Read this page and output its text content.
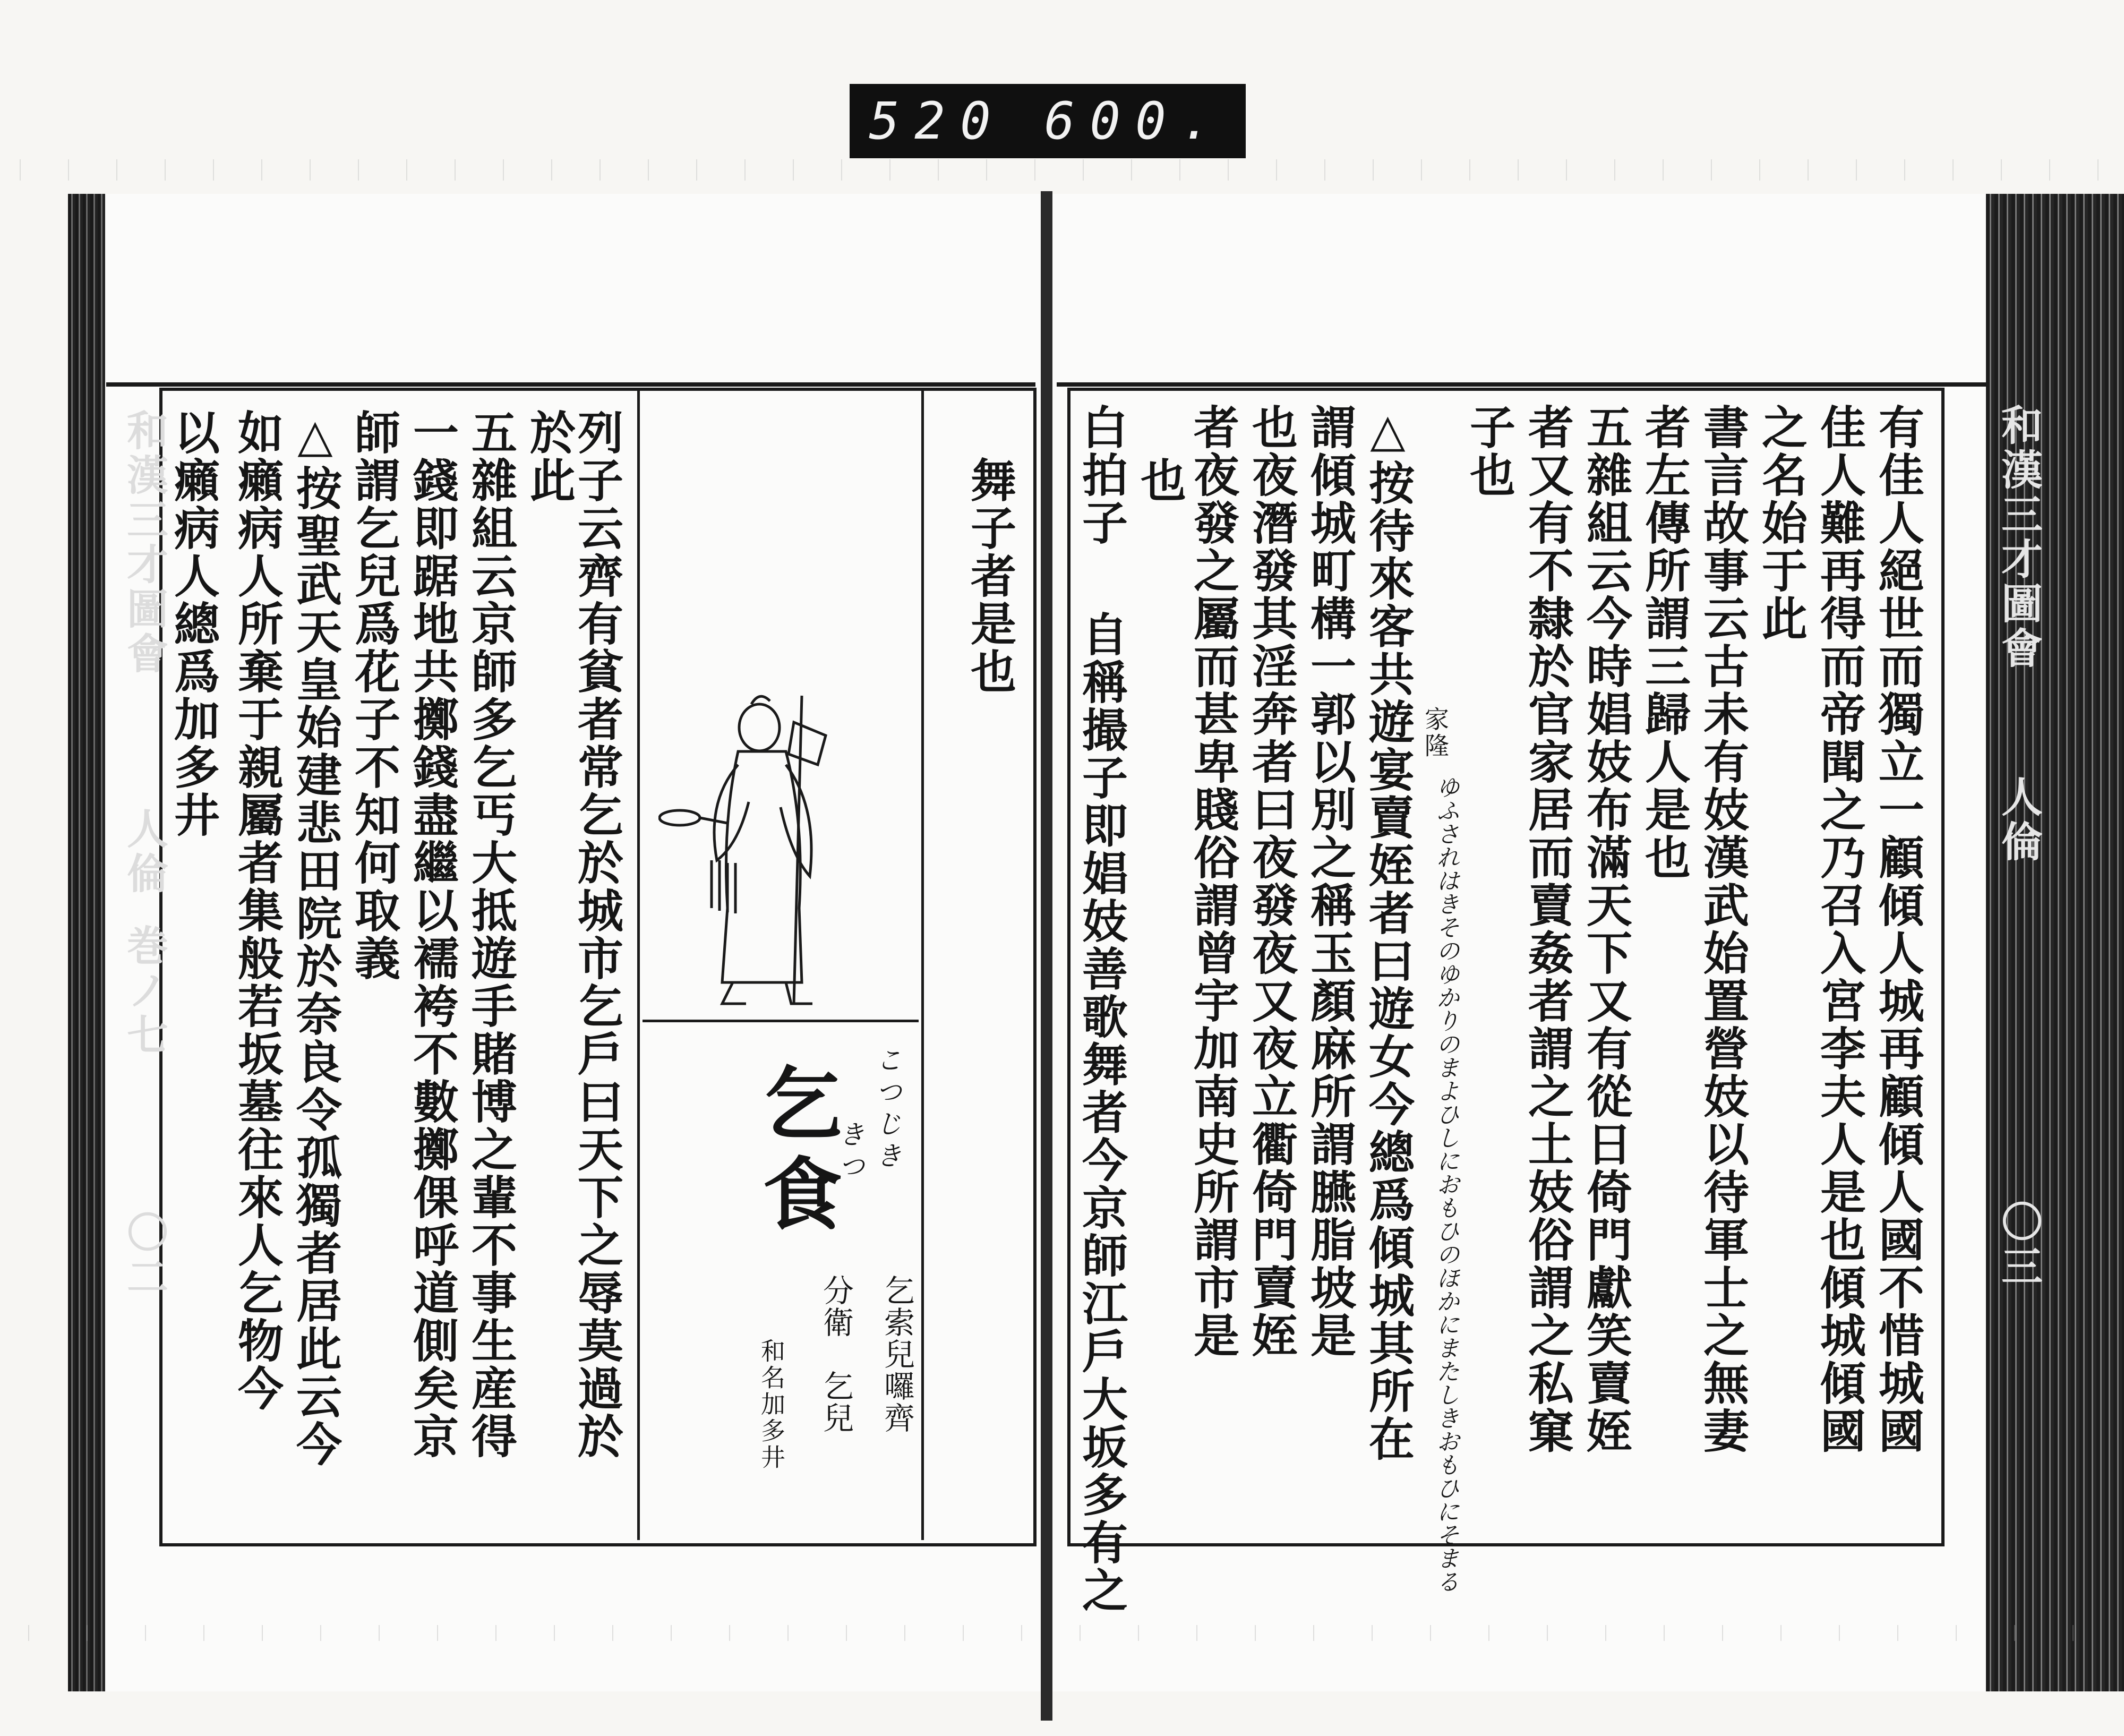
520 600.
和漢三才圖會
人倫
巻ノ七
〇二	列子云齊有貧者常乞於城市乞戶曰天下之辱莫過於
於此
五雜組云京師多乞丐大抵遊手賭博之輩不事生産得
一錢即踞地共擲錢盡繼以襦袴不數擲倮呼道側矣京
師謂乞兒爲花子不知何取義
△按聖武天皇始建悲田院於奈良令孤獨者居此云今
如癩病人所棄于親屬者集般若坂墓往來人乞物今
以癩病人總爲加多井	舞子者是也
乞食	こつじき
きつ
乞索兒囉齊
分衛　乞兒
和名加多井
和漢三才圖會
人倫
〇三
有佳人絕世而獨立一顧傾人城再顧傾人國不惜城國
佳人難再得而帝聞之乃召入宮李夫人是也傾城傾國
之名始于此
書言故事云古未有妓漢武始置營妓以待軍士之無妻
者左傳所謂三歸人是也
五雜組云今時娼妓布滿天下又有從日倚門獻笑賣姪
者又有不隸於官家居而賣姦者謂之土妓俗謂之私窠
子也
家隆
ゆふされはきそのゆかりのまよひしにおもひのほかにまたしきおもひにそまる
△按待來客共遊宴賣姪者曰遊女今總爲傾城其所在
謂傾城町構一郭以別之稱玉顏麻所謂臙脂坡是
也夜潛發其淫奔者曰夜發夜又夜立衢倚門賣姪
者夜發之屬而甚卑賤俗謂曾宇加南史所謂市是
也
自稱撮子即娼妓善歌舞者今京師江戶大坂多有之
白拍子
